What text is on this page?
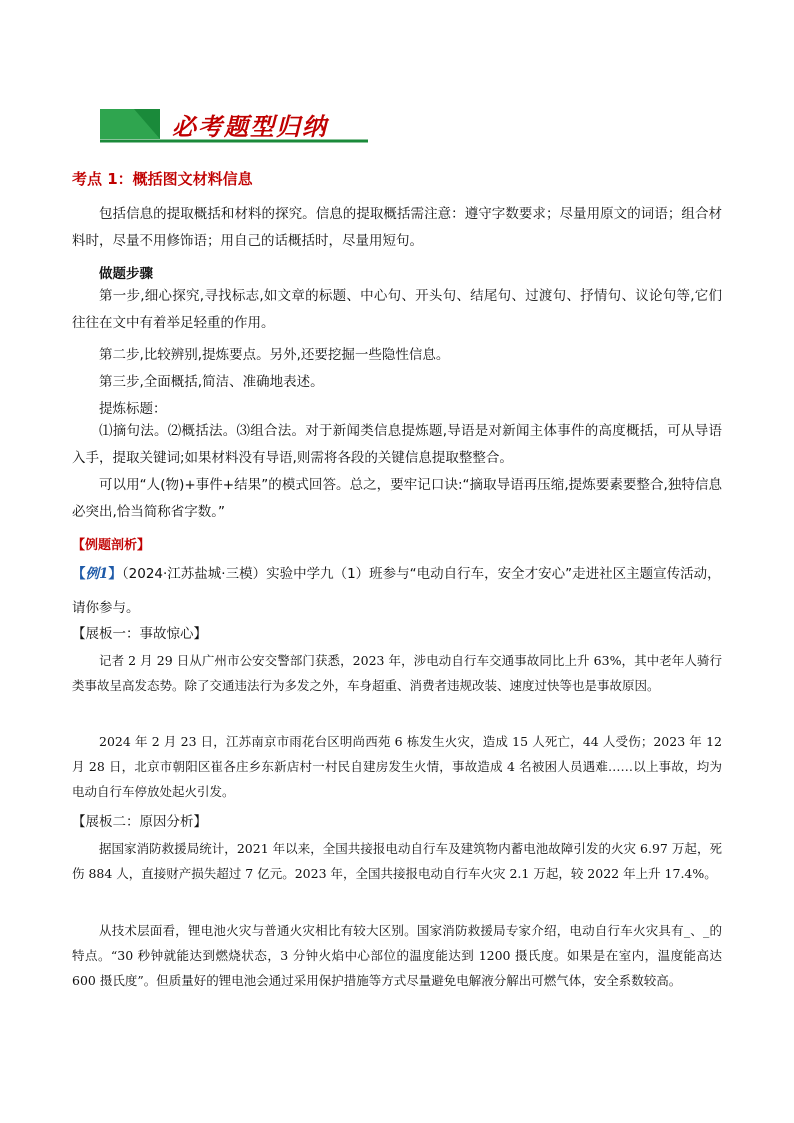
必考题型归纳
考点 1：概括图文材料信息
包括信息的提取概括和材料的探究。信息的提取概括需注意：遵守字数要求；尽量用原文的词语；组合材料时，尽量不用修饰语；用自己的话概括时，尽量用短句。
做题步骤
第一步,细心探究,寻找标志,如文章的标题、中心句、开头句、结尾句、过渡句、抒情句、议论句等,它们往往在文中有着举足轻重的作用。
第二步,比较辨别,提炼要点。另外,还要挖掘一些隐性信息。
第三步,全面概括,简洁、准确地表述。
提炼标题：
⑴摘句法。⑵概括法。⑶组合法。对于新闻类信息提炼题,导语是对新闻主体事件的高度概括，可从导语入手，提取关键词;如果材料没有导语,则需将各段的关键信息提取整整合。
可以用“人(物)+事件+结果”的模式回答。总之，要牢记口诀:“摘取导语再压缩,提炼要素要整合,独特信息必突出,恰当简称省字数。”
【例题剖析】
【例1】（2024·江苏盐城·三模）实验中学九（1）班参与“电动自行车，安全才安心”走进社区主题宣传活动，
请你参与。
【展板一：事故惊心】
记者 2 月 29 日从广州市公安交警部门获悉，2023 年，涉电动自行车交通事故同比上升 63%，其中老年人骑行类事故呈高发态势。除了交通违法行为多发之外，车身超重、消费者违规改装、速度过快等也是事故原因。
2024 年 2 月 23 日，江苏南京市雨花台区明尚西苑 6 栋发生火灾，造成 15 人死亡，44 人受伤；2023 年 12 月 28 日，北京市朝阳区崔各庄乡东新店村一村民自建房发生火情，事故造成 4 名被困人员遇难……以上事故，均为电动自行车停放处起火引发。
【展板二：原因分析】
据国家消防救援局统计，2021 年以来，全国共接报电动自行车及建筑物内蓄电池故障引发的火灾 6.97 万起，死伤 884 人，直接财产损失超过 7 亿元。2023 年，全国共接报电动自行车火灾 2.1 万起，较 2022 年上升 17.4%。
从技术层面看，锂电池火灾与普通火灾相比有较大区别。国家消防救援局专家介绍，电动自行车火灾具有_、_的特点。“30 秒钟就能达到燃烧状态，3 分钟火焰中心部位的温度能达到 1200 摄氏度。如果是在室内，温度能高达 600 摄氏度”。但质量好的锂电池会通过采用保护措施等方式尽量避免电解液分解出可燃气体，安全系数较高。
